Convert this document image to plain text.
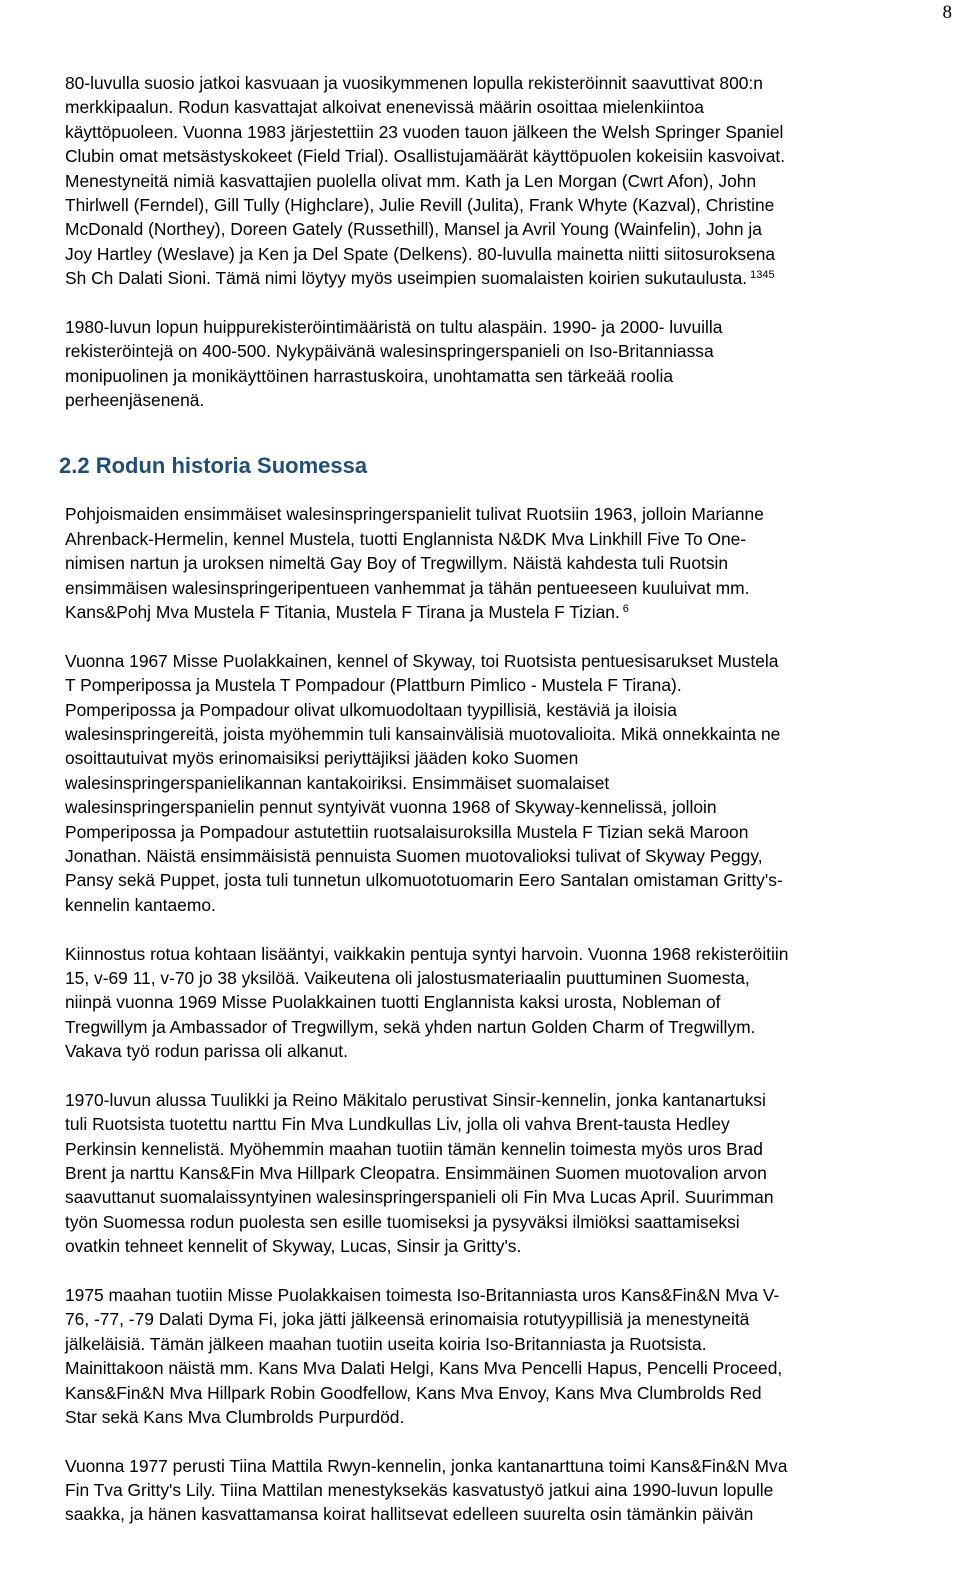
8
80-luvulla suosio jatkoi kasvuaan ja vuosikymmenen lopulla rekisteröinnit saavuttivat 800:n
merkkipaalun. Rodun kasvattajat alkoivat enenevissä määrin osoittaa mielenkiintoa
käyttöpuoleen. Vuonna 1983 järjestettiin 23 vuoden tauon jälkeen the Welsh Springer Spaniel
Clubin omat metsästyskokeet (Field Trial). Osallistujamäärät käyttöpuolen kokeisiin kasvoivat.
Menestyneitä nimiä kasvattajien puolella olivat mm. Kath ja Len Morgan (Cwrt Afon), John
Thirlwell (Ferndel), Gill Tully (Highclare), Julie Revill (Julita), Frank Whyte (Kazval), Christine
McDonald (Northey), Doreen Gately (Russethill), Mansel ja Avril Young (Wainfelin), John ja
Joy Hartley (Weslave) ja Ken ja Del Spate (Delkens). 80-luvulla mainetta niitti siitosuroksena
Sh Ch Dalati Sioni. Tämä nimi löytyy myös useimpien suomalaisten koirien sukutaulusta. $^{1345}$
1980-luvun lopun huippurekisteröintimääristä on tultu alaspäin. 1990- ja 2000- luvuilla
rekisteröintejä on 400-500. Nykypäivänä walesinspringerspanieli on Iso-Britanniassa
monipuolinen ja monikäyttöinen harrastuskoira, unohtamatta sen tärkeää roolia
perheenjäsenenä.
2.2 Rodun historia Suomessa
Pohjoismaiden ensimmäiset walesinspringerspanielit tulivat Ruotsiin 1963, jolloin Marianne
Ahrenback-Hermelin, kennel Mustela, tuotti Englannista N&DK Mva Linkhill Five To One-
nimisen nartun ja uroksen nimeltä Gay Boy of Tregwillym. Näistä kahdesta tuli Ruotsin
ensimmäisen walesinspringeripentueen vanhemmat ja tähän pentueeseen kuuluivat mm.
Kans&Pohj Mva Mustela F Titania, Mustela F Tirana ja Mustela F Tizian. $^6$
Vuonna 1967 Misse Puolakkainen, kennel of Skyway, toi Ruotsista pentuesisarukset Mustela
T Pomperipossa ja Mustela T Pompadour (Plattburn Pimlico - Mustela F Tirana).
Pomperipossa ja Pompadour olivat ulkomuodoltaan tyypillisiä, kestäviä ja iloisia
walesinspringereitä, joista myöhemmin tuli kansainvälisiä muotovalioita. Mikä onnekkainta ne
osoittautuivat myös erinomaisiksi periyttäjiksi jääden koko Suomen
walesinspringerspanielikannan kantakoiriksi. Ensimmäiset suomalaiset
walesinspringerspanielin pennut syntyivät vuonna 1968 of Skyway-kennelissä, jolloin
Pomperipossa ja Pompadour astutettiin ruotsalaisuroksilla Mustela F Tizian sekä Maroon
Jonathan. Näistä ensimmäisistä pennuista Suomen muotovalioksi tulivat of Skyway Peggy,
Pansy sekä Puppet, josta tuli tunnetun ulkomuototuomarin Eero Santalan omistaman Gritty's-
kennelin kantaemo.
Kiinnostus rotua kohtaan lisääntyi, vaikkakin pentuja syntyi harvoin. Vuonna 1968 rekisteröitiin
15, v-69 11, v-70 jo 38 yksilöä. Vaikeutena oli jalostusmateriaalin puuttuminen Suomesta,
niinpä vuonna 1969 Misse Puolakkainen tuotti Englannista kaksi urosta, Nobleman of
Tregwillym ja Ambassador of Tregwillym, sekä yhden nartun Golden Charm of Tregwillym.
Vakava työ rodun parissa oli alkanut.
1970-luvun alussa Tuulikki ja Reino Mäkitalo perustivat Sinsir-kennelin, jonka kantanartuksi
tuli Ruotsista tuotettu narttu Fin Mva Lundkullas Liv, jolla oli vahva Brent-tausta Hedley
Perkinsin kennelistä. Myöhemmin maahan tuotiin tämän kennelin toimesta myös uros Brad
Brent ja narttu Kans&Fin Mva Hillpark Cleopatra. Ensimmäinen Suomen muotovalion arvon
saavuttanut suomalaissyntyinen walesinspringerspanieli oli Fin Mva Lucas April. Suurimman
työn Suomessa rodun puolesta sen esille tuomiseksi ja pysyväksi ilmiöksi saattamiseksi
ovatkin tehneet kennelit of Skyway, Lucas, Sinsir ja Gritty's.
1975 maahan tuotiin Misse Puolakkaisen toimesta Iso-Britanniasta uros Kans&Fin&N Mva V-
76, -77, -79 Dalati Dyma Fi, joka jätti jälkeensä erinomaisia rotutyypillisiä ja menestyneitä
jälkeläisiä. Tämän jälkeen maahan tuotiin useita koiria Iso-Britanniasta ja Ruotsista.
Mainittakoon näistä mm. Kans Mva Dalati Helgi, Kans Mva Pencelli Hapus, Pencelli Proceed,
Kans&Fin&N Mva Hillpark Robin Goodfellow, Kans Mva Envoy, Kans Mva Clumbrolds Red
Star sekä Kans Mva Clumbrolds Purpurdöd.
Vuonna 1977 perusti Tiina Mattila Rwyn-kennelin, jonka kantanarttuna toimi Kans&Fin&N Mva
Fin Tva Gritty's Lily. Tiina Mattilan menestyksekäs kasvatustyö jatkui aina 1990-luvun lopulle
saakka, ja hänen kasvattamansa koirat hallitsevat edelleen suurelta osin tämänkin päivän
